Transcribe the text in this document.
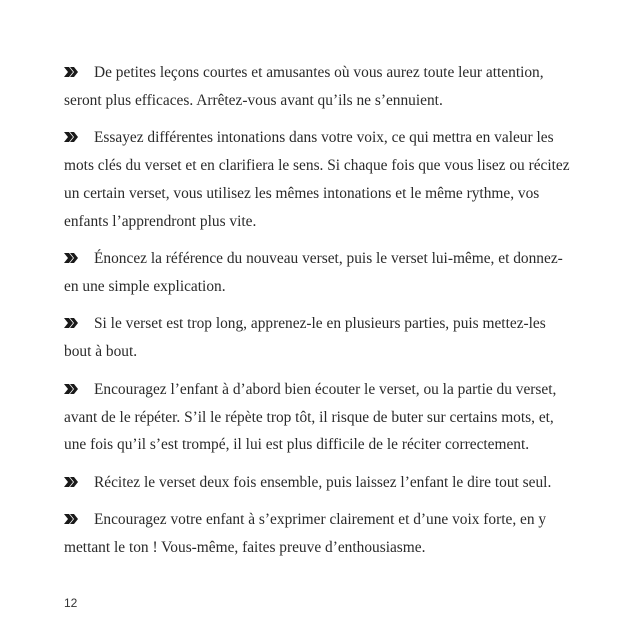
De petites leçons courtes et amusantes où vous aurez toute leur attention, seront plus efficaces. Arrêtez-vous avant qu’ils ne s’ennuient.

Essayez différentes intonations dans votre voix, ce qui mettra en valeur les mots clés du verset et en clarifiera le sens. Si chaque fois que vous lisez ou récitez un certain verset, vous utilisez les mêmes intonations et le même rythme, vos enfants l’apprendront plus vite.

Énoncez la référence du nouveau verset, puis le verset lui-même, et donnez-en une simple explication.

Si le verset est trop long, apprenez-le en plusieurs parties, puis mettez-les bout à bout.

Encouragez l’enfant à d’abord bien écouter le verset, ou la partie du verset, avant de le répéter. S’il le répète trop tôt, il risque de buter sur certains mots, et, une fois qu’il s’est trompé, il lui est plus difficile de le réciter correctement.

Récitez le verset deux fois ensemble, puis laissez l’enfant le dire tout seul.

Encouragez votre enfant à s’exprimer clairement et d’une voix forte, en y mettant le ton ! Vous-même, faites preuve d’enthousiasme.

12
